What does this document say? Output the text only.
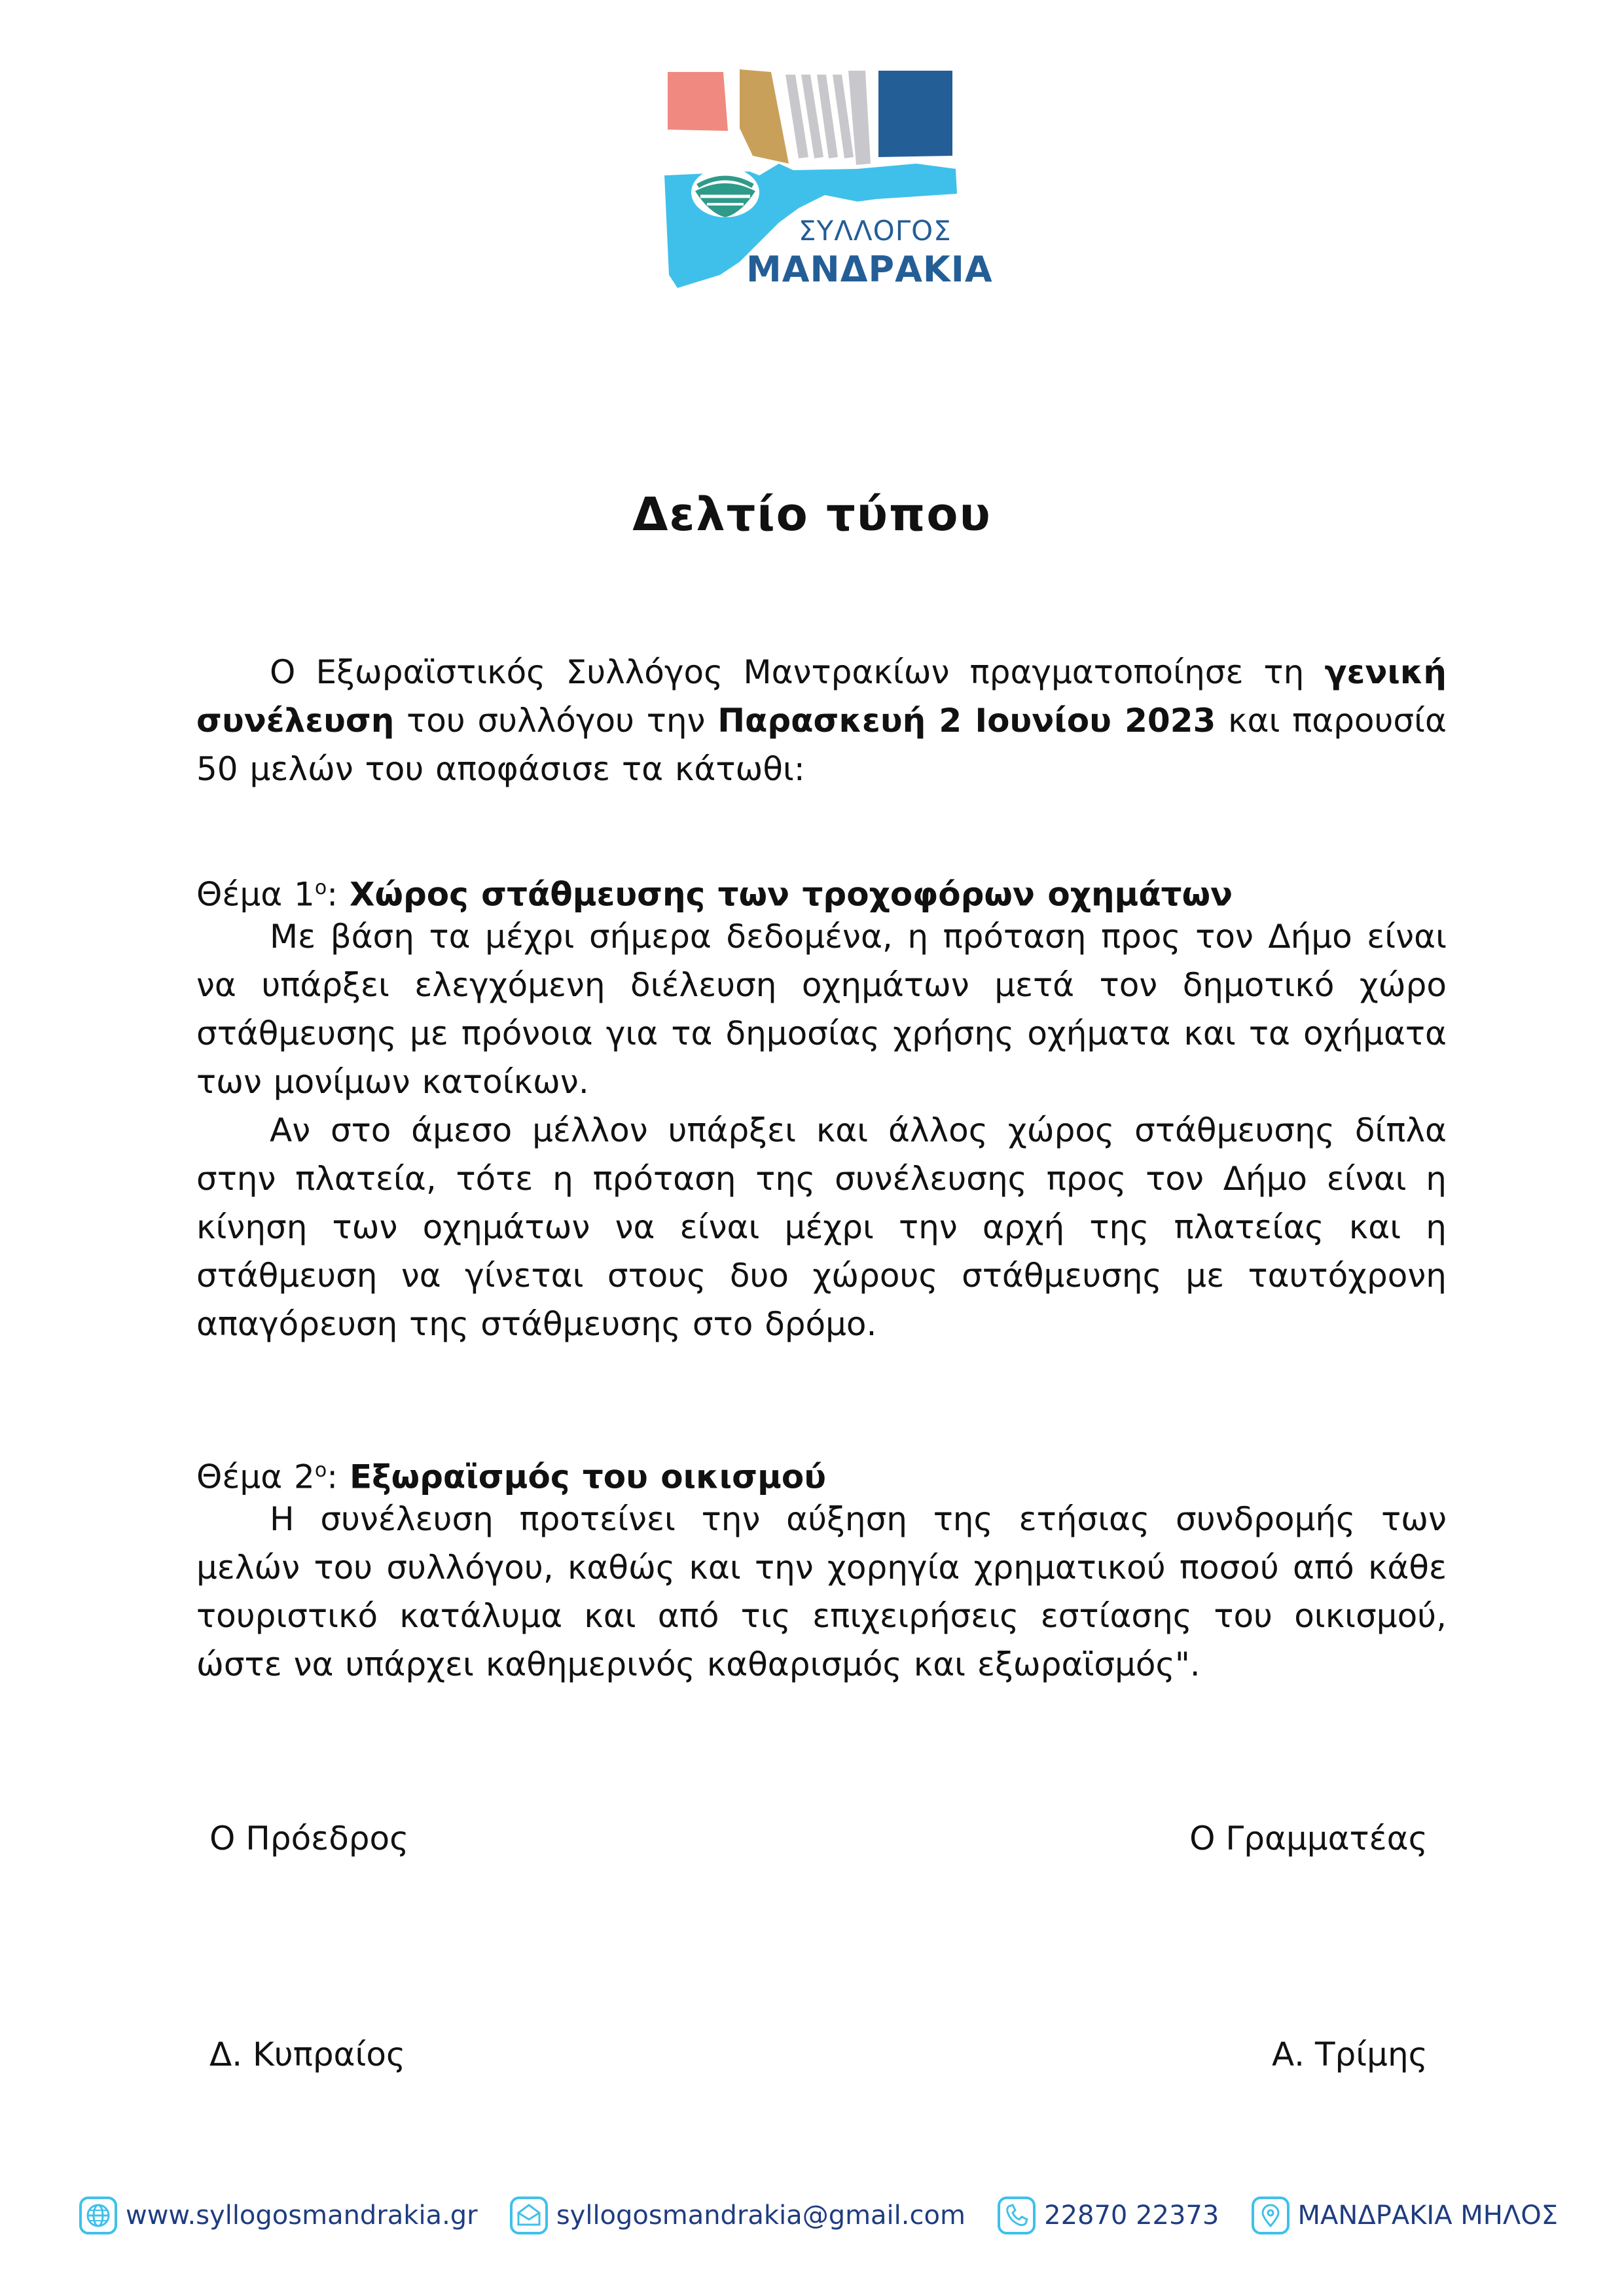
ΣΥΛΛΟΓΟΣ
ΜΑΝΔΡΑΚΙΑ
Δελτίο τύπου
Ο Εξωραϊστικός Συλλόγος Μαντρακίων πραγματοποίησε τη γενική συνέλευση του συλλόγου την Παρασκευή 2 Ιουνίου 2023 και παρουσία 50 μελών του αποφάσισε τα κάτωθι:
Θέμα $1^o$: Χώρος στάθμευσης των τροχοφόρων οχημάτων
Με βάση τα μέχρι σήμερα δεδομένα, η πρόταση προς τον Δήμο είναι να υπάρξει ελεγχόμενη διέλευση οχημάτων μετά τον δημοτικό χώρο στάθμευσης με πρόνοια για τα δημοσίας χρήσης οχήματα και τα οχήματα των μονίμων κατοίκων.
Αν στο άμεσο μέλλον υπάρξει και άλλος χώρος στάθμευσης δίπλα στην πλατεία, τότε η πρόταση της συνέλευσης προς τον Δήμο είναι η κίνηση των οχημάτων να είναι μέχρι την αρχή της πλατείας και η στάθμευση να γίνεται στους δυο χώρους στάθμευσης με ταυτόχρονη απαγόρευση της στάθμευσης στο δρόμο.
Θέμα $2^o$: Εξωραϊσμός του οικισμού
Η συνέλευση προτείνει την αύξηση της ετήσιας συνδρομής των μελών του συλλόγου, καθώς και την χορηγία χρηματικού ποσού από κάθε τουριστικό κατάλυμα και από τις επιχειρήσεις εστίασης του οικισμού, ώστε να υπάρχει καθημερινός καθαρισμός και εξωραϊσμός".
Ο Πρόεδρος	Ο Γραμματέας
Δ. Κυπραίος	Α. Τρίμης
www.syllogosmandrakia.gr	syllogosmandrakia@gmail.com	22870 22373	ΜΑΝΔΡΑΚΙΑ ΜΗΛΟΣ
